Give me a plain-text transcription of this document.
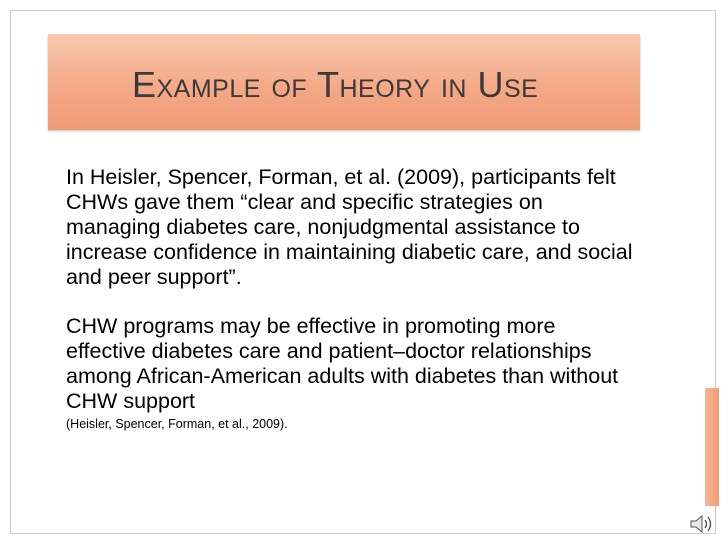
Example of Theory in Use
In Heisler, Spencer, Forman, et al. (2009), participants felt CHWs gave them “clear and specific strategies on managing diabetes care, nonjudgmental assistance to increase confidence in maintaining diabetic care, and social and peer support”.
CHW programs may be effective in promoting more effective diabetes care and patient–doctor relationships among African-American adults with diabetes than without CHW support
(Heisler, Spencer, Forman, et al., 2009).
